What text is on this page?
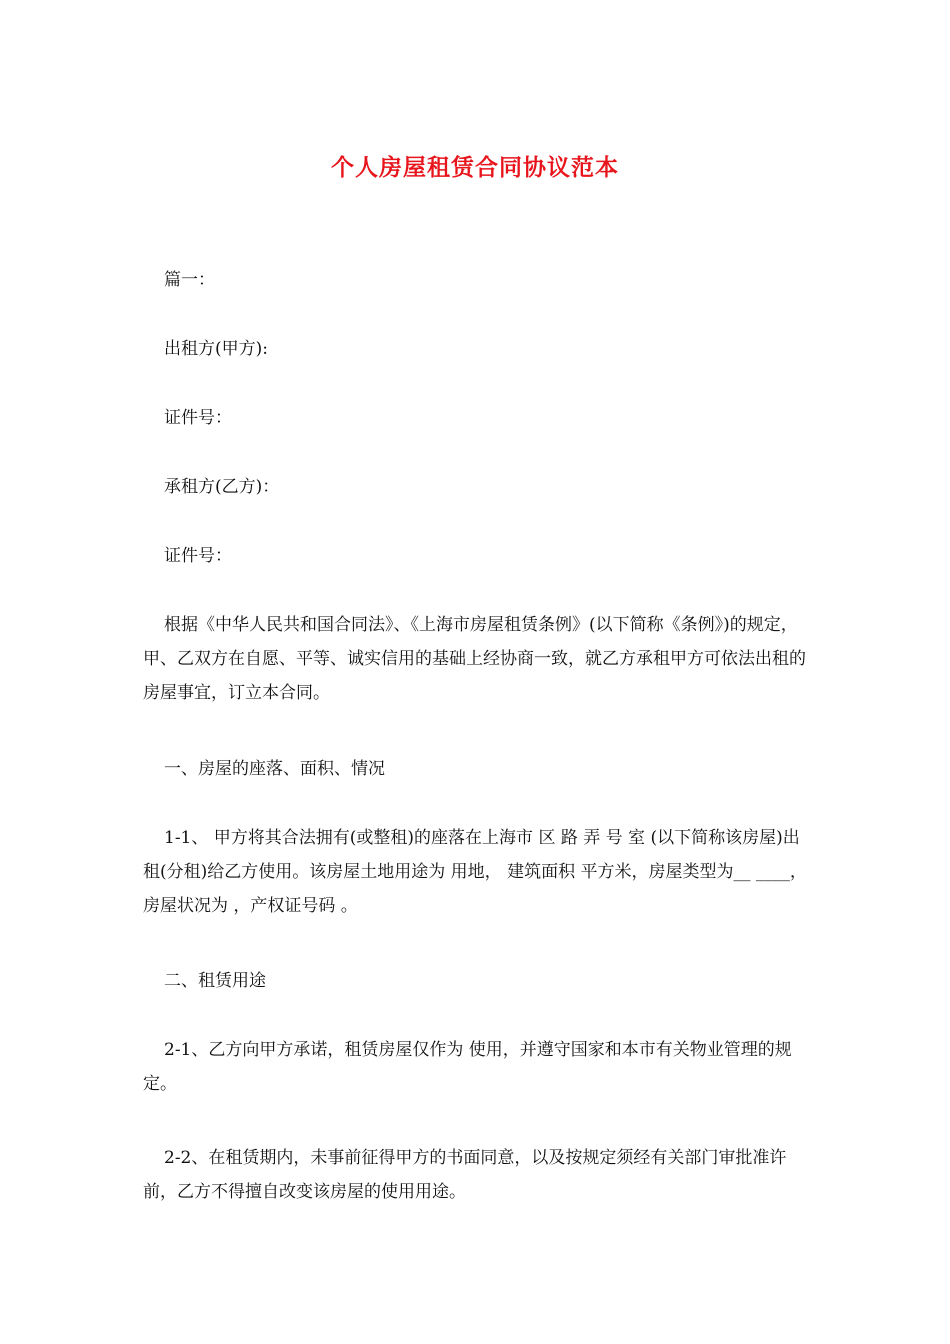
个人房屋租赁合同协议范本

篇一：

出租方(甲方):

证件号：

承租方(乙方)：

证件号：

根据《中华人民共和国合同法》、《上海市房屋租赁条例》(以下简称《条例》)的规定，甲、乙双方在自愿、平等、诚实信用的基础上经协商一致，就乙方承租甲方可依法出租的房屋事宜，订立本合同。

一、房屋的座落、面积、情况

1-1、 甲方将其合法拥有(或整租)的座落在上海市 区 路 弄 号 室 (以下简称该房屋)出租(分租)给乙方使用。该房屋土地用途为 用地， 建筑面积 平方米，房屋类型为__ ____，房屋状况为 ，产权证号码 。

二、租赁用途

2-1、乙方向甲方承诺，租赁房屋仅作为 使用，并遵守国家和本市有关物业管理的规定。

2-2、在租赁期内，未事前征得甲方的书面同意，以及按规定须经有关部门审批准许前，乙方不得擅自改变该房屋的使用用途。
